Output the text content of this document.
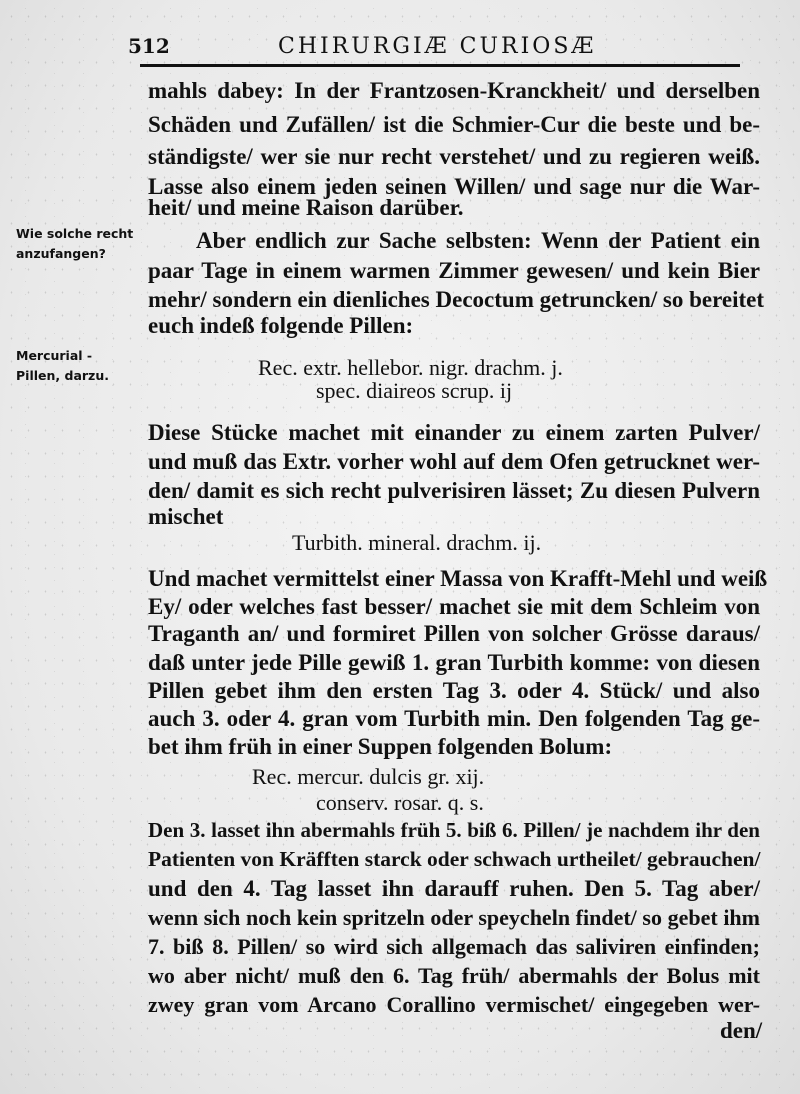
512	CHIRURGIÆ CURIOSÆ
Wie solche recht anzufangen?
Mercurial - Pillen, darzu.
mahls dabey: In der Frantzosen-Kranckheit/ und derselben
Schäden und Zufällen/ ist die Schmier-Cur die beste und be-
ständigste/ wer sie nur recht verstehet/ und zu regieren weiß.
Lasse also einem jeden seinen Willen/ und sage nur die War-
heit/ und meine Raison darüber.
Aber endlich zur Sache selbsten: Wenn der Patient ein
paar Tage in einem warmen Zimmer gewesen/ und kein Bier
mehr/ sondern ein dienliches Decoctum getruncken/ so bereitet
euch indeß folgende Pillen:
Rec. extr. hellebor. nigr. drachm. j.
spec. diaireos scrup. ij
Diese Stücke machet mit einander zu einem zarten Pulver/
und muß das Extr. vorher wohl auf dem Ofen getrucknet wer-
den/ damit es sich recht pulverisiren lässet; Zu diesen Pulvern
mischet
Turbith. mineral. drachm. ij.
Und machet vermittelst einer Massa von Krafft-Mehl und weiß
Ey/ oder welches fast besser/ machet sie mit dem Schleim von
Traganth an/ und formiret Pillen von solcher Grösse daraus/
daß unter jede Pille gewiß 1. gran Turbith komme: von diesen
Pillen gebet ihm den ersten Tag 3. oder 4. Stück/ und also
auch 3. oder 4. gran vom Turbith min. Den folgenden Tag ge-
bet ihm früh in einer Suppen folgenden Bolum:
Rec. mercur. dulcis gr. xij.
conserv. rosar. q. s.
Den 3. lasset ihn abermahls früh 5. biß 6. Pillen/ je nachdem ihr den
Patienten von Kräfften starck oder schwach urtheilet/ gebrauchen/
und den 4. Tag lasset ihn darauff ruhen. Den 5. Tag aber/
wenn sich noch kein spritzeln oder speycheln findet/ so gebet ihm
7. biß 8. Pillen/ so wird sich allgemach das saliviren einfinden;
wo aber nicht/ muß den 6. Tag früh/ abermahls der Bolus mit
zwey gran vom Arcano Corallino vermischet/ eingegeben wer-
den/
